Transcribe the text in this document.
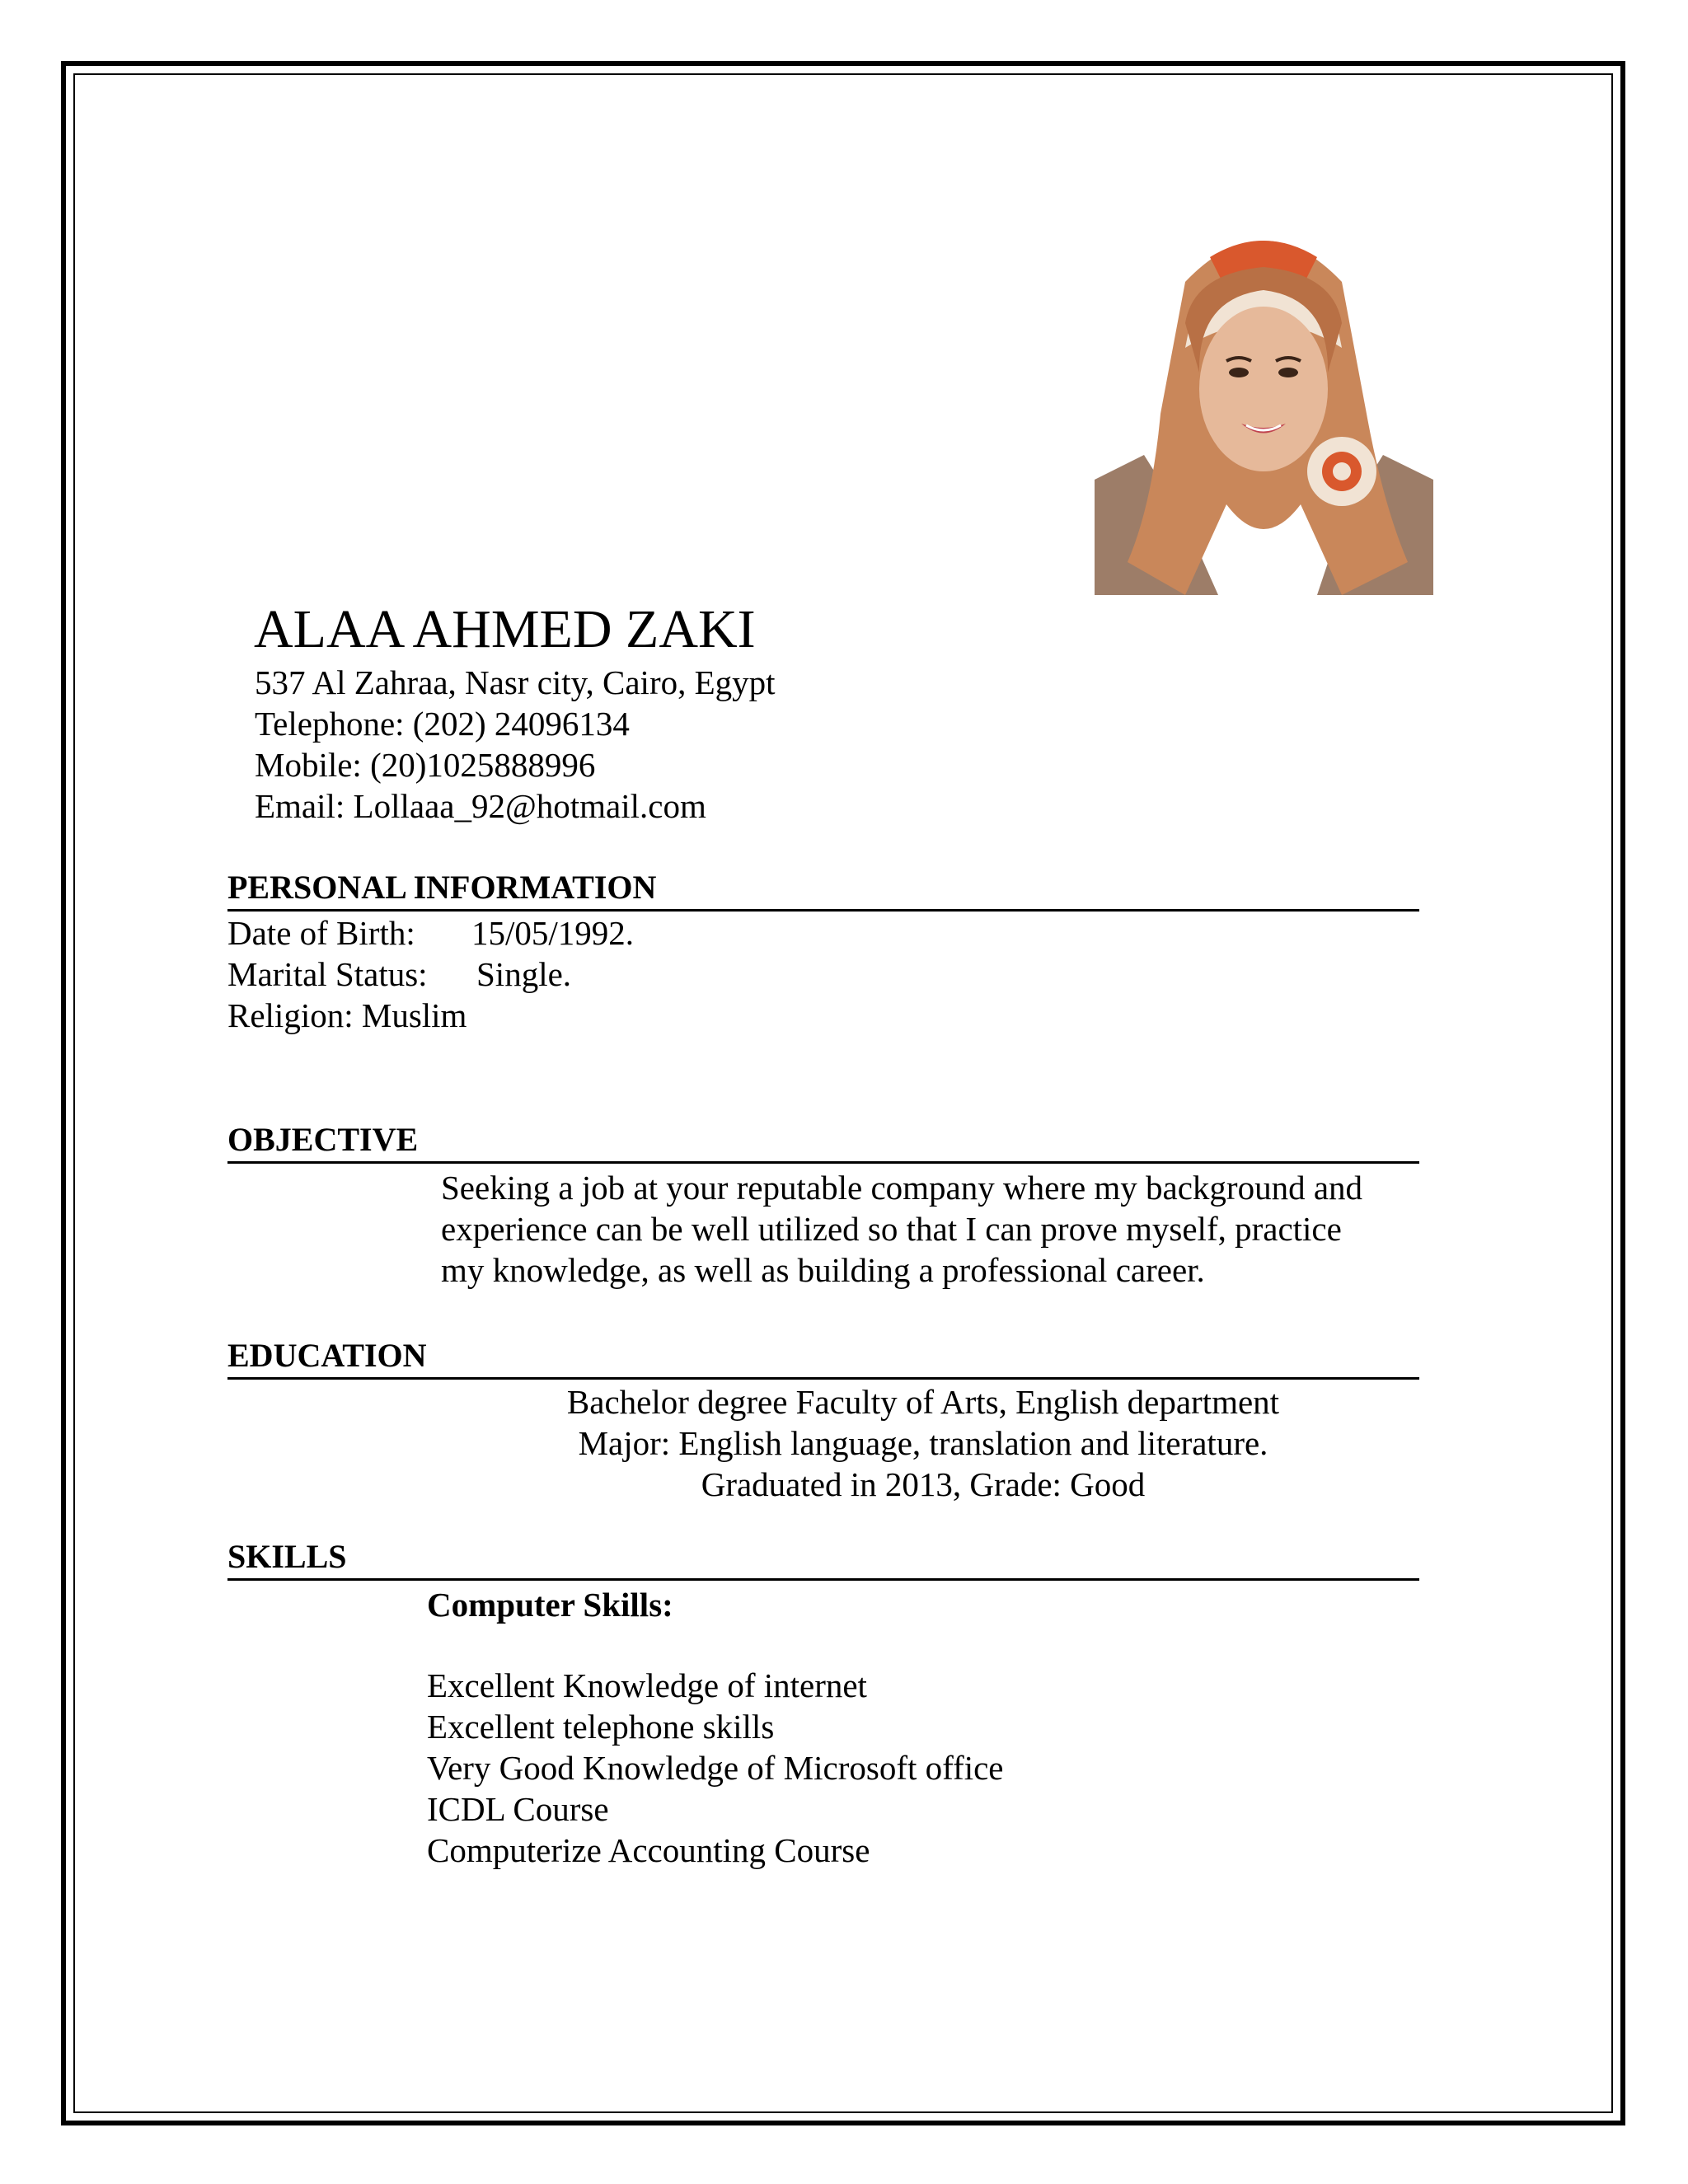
ALAA AHMED ZAKI
537 Al Zahraa, Nasr city, Cairo, Egypt
Telephone: (202) 24096134
Mobile: (20)1025888996
Email: Lollaaa_92@hotmail.com
PERSONAL INFORMATION
Date of Birth: 15/05/1992.
Marital Status: Single.
Religion: Muslim
OBJECTIVE
Seeking a job at your reputable company where my background and
experience can be well utilized so that I can prove myself, practice
my knowledge, as well as building a professional career.
EDUCATION
Bachelor degree Faculty of Arts, English department
Major: English language, translation and literature.
Graduated in 2013, Grade: Good
SKILLS
Computer Skills:
Excellent Knowledge of internet
Excellent telephone skills
Very Good Knowledge of Microsoft office
ICDL Course
Computerize Accounting Course
